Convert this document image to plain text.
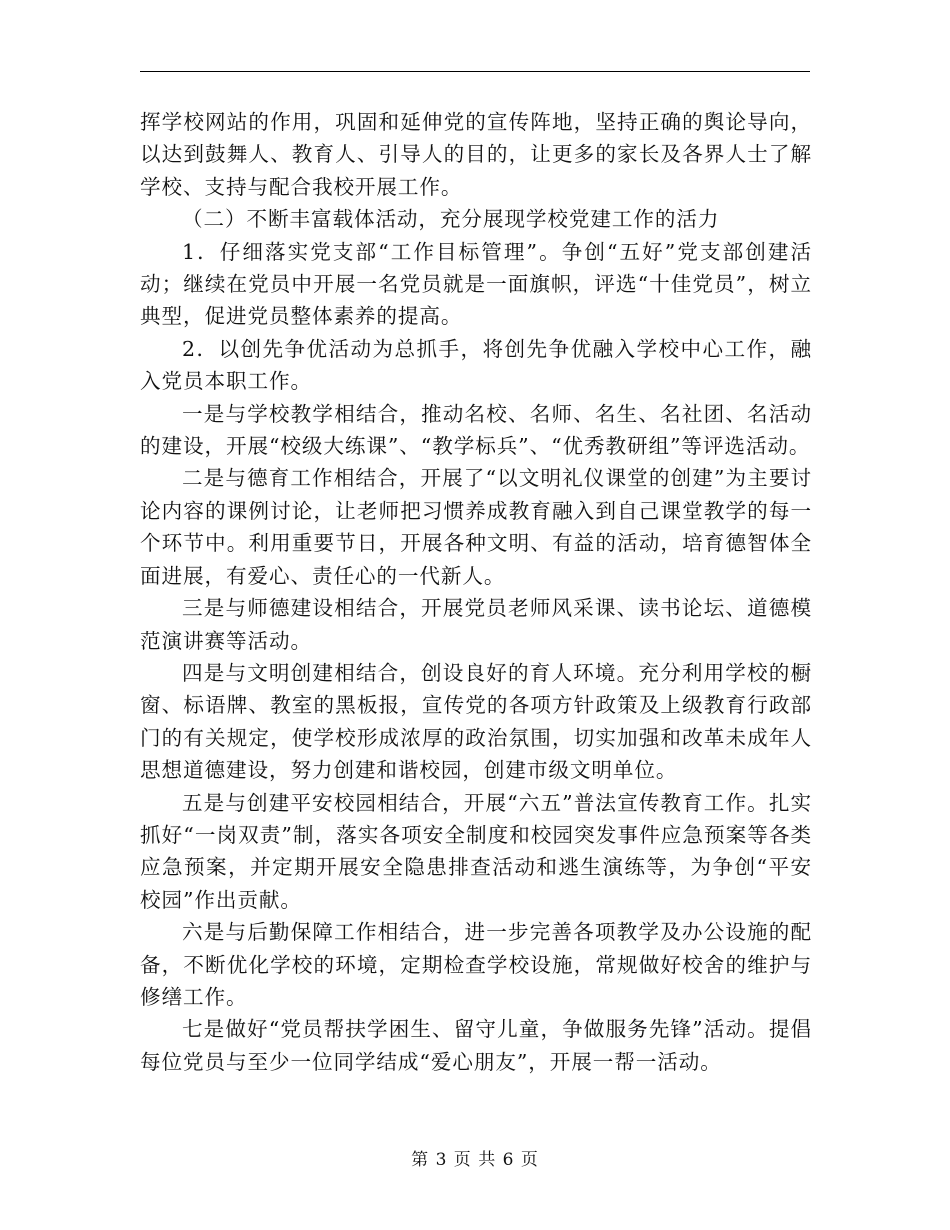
挥学校网站的作用，巩固和延伸党的宣传阵地，坚持正确的舆论导向，以达到鼓舞人、教育人、引导人的目的，让更多的家长及各界人士了解学校、支持与配合我校开展工作。

（二）不断丰富载体活动，充分展现学校党建工作的活力

1．仔细落实党支部“工作目标管理”。争创“五好”党支部创建活动；继续在党员中开展一名党员就是一面旗帜，评选“十佳党员”，树立典型，促进党员整体素养的提高。

2．以创先争优活动为总抓手，将创先争优融入学校中心工作，融入党员本职工作。

一是与学校教学相结合，推动名校、名师、名生、名社团、名活动的建设，开展“校级大练课”、“教学标兵”、“优秀教研组”等评选活动。

二是与德育工作相结合，开展了“以文明礼仪课堂的创建”为主要讨论内容的课例讨论，让老师把习惯养成教育融入到自己课堂教学的每一个环节中。利用重要节日，开展各种文明、有益的活动，培育德智体全面进展，有爱心、责任心的一代新人。

三是与师德建设相结合，开展党员老师风采课、读书论坛、道德模范演讲赛等活动。

四是与文明创建相结合，创设良好的育人环境。充分利用学校的橱窗、标语牌、教室的黑板报，宣传党的各项方针政策及上级教育行政部门的有关规定，使学校形成浓厚的政治氛围，切实加强和改革未成年人思想道德建设，努力创建和谐校园，创建市级文明单位。

五是与创建平安校园相结合，开展“六五”普法宣传教育工作。扎实抓好“一岗双责”制，落实各项安全制度和校园突发事件应急预案等各类应急预案，并定期开展安全隐患排查活动和逃生演练等，为争创“平安校园”作出贡献。

六是与后勤保障工作相结合，进一步完善各项教学及办公设施的配备，不断优化学校的环境，定期检查学校设施，常规做好校舍的维护与修缮工作。

七是做好“党员帮扶学困生、留守儿童，争做服务先锋”活动。提倡每位党员与至少一位同学结成“爱心朋友”，开展一帮一活动。

第 3 页 共 6 页
